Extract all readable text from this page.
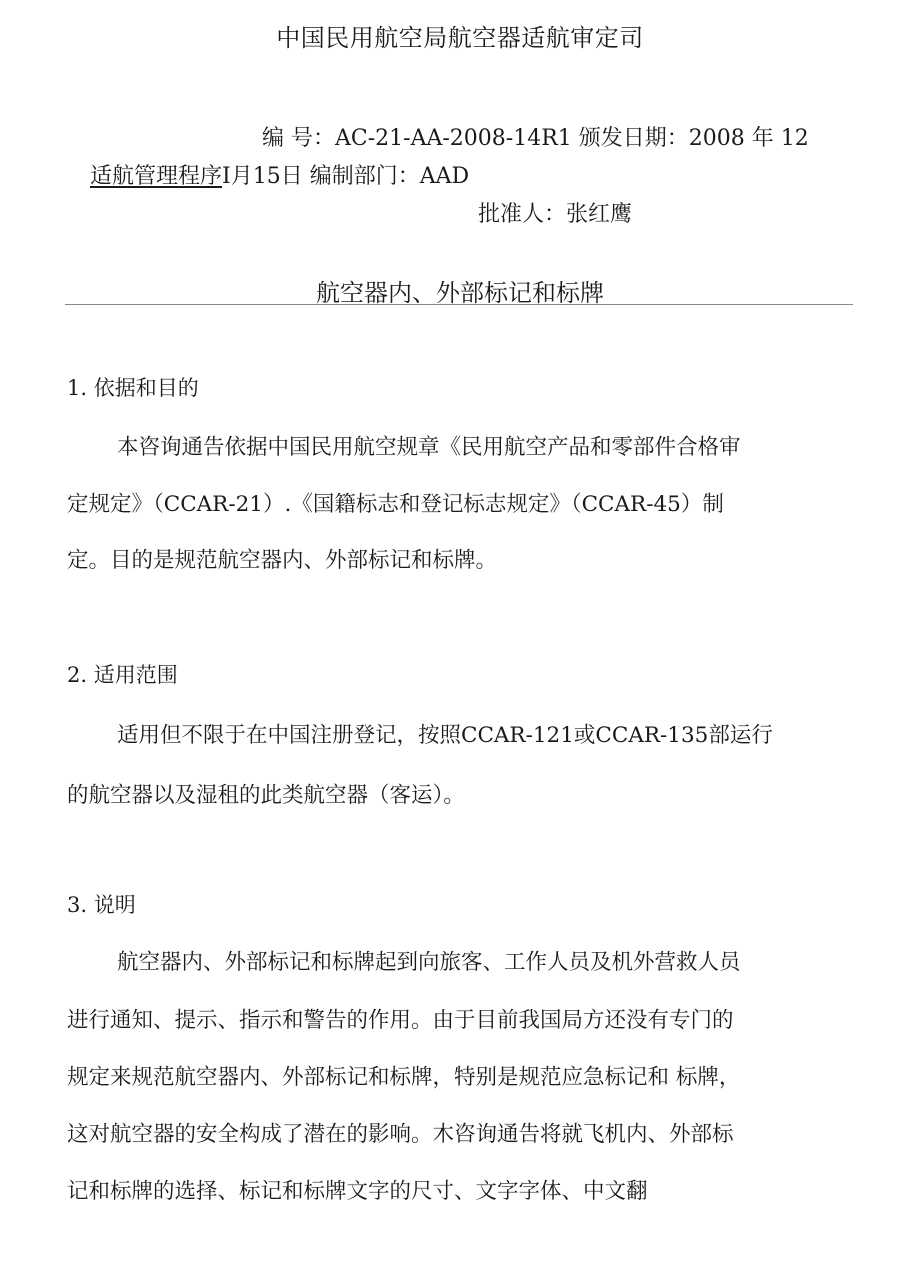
中国民用航空局航空器适航审定司

编 号：AC-21-AA-2008-14R1 颁发日期：2008 年 12

适航管理程序I月15日 编制部门：AAD

批准人：张红鹰

航空器内、外部标记和标牌

1. 依据和目的

本咨询通告依据中国民用航空规章《民用航空产品和零部件合格审

定规定》（CCAR-21）.《国籍标志和登记标志规定》（CCAR-45）制

定。目的是规范航空器内、外部标记和标牌。

2. 适用范围

适用但不限于在中国注册登记，按照CCAR-121或CCAR-135部运行

的航空器以及湿租的此类航空器（客运）。

3. 说明

航空器内、外部标记和标牌起到向旅客、工作人员及机外营救人员

进行通知、提示、指示和警告的作用。由于目前我国局方还没有专门的

规定来规范航空器内、外部标记和标牌，特别是规范应急标记和 标牌，

这对航空器的安全构成了潜在的影响。木咨询通告将就飞机内、外部标

记和标牌的选择、标记和标牌文字的尺寸、文字字体、中文翻
